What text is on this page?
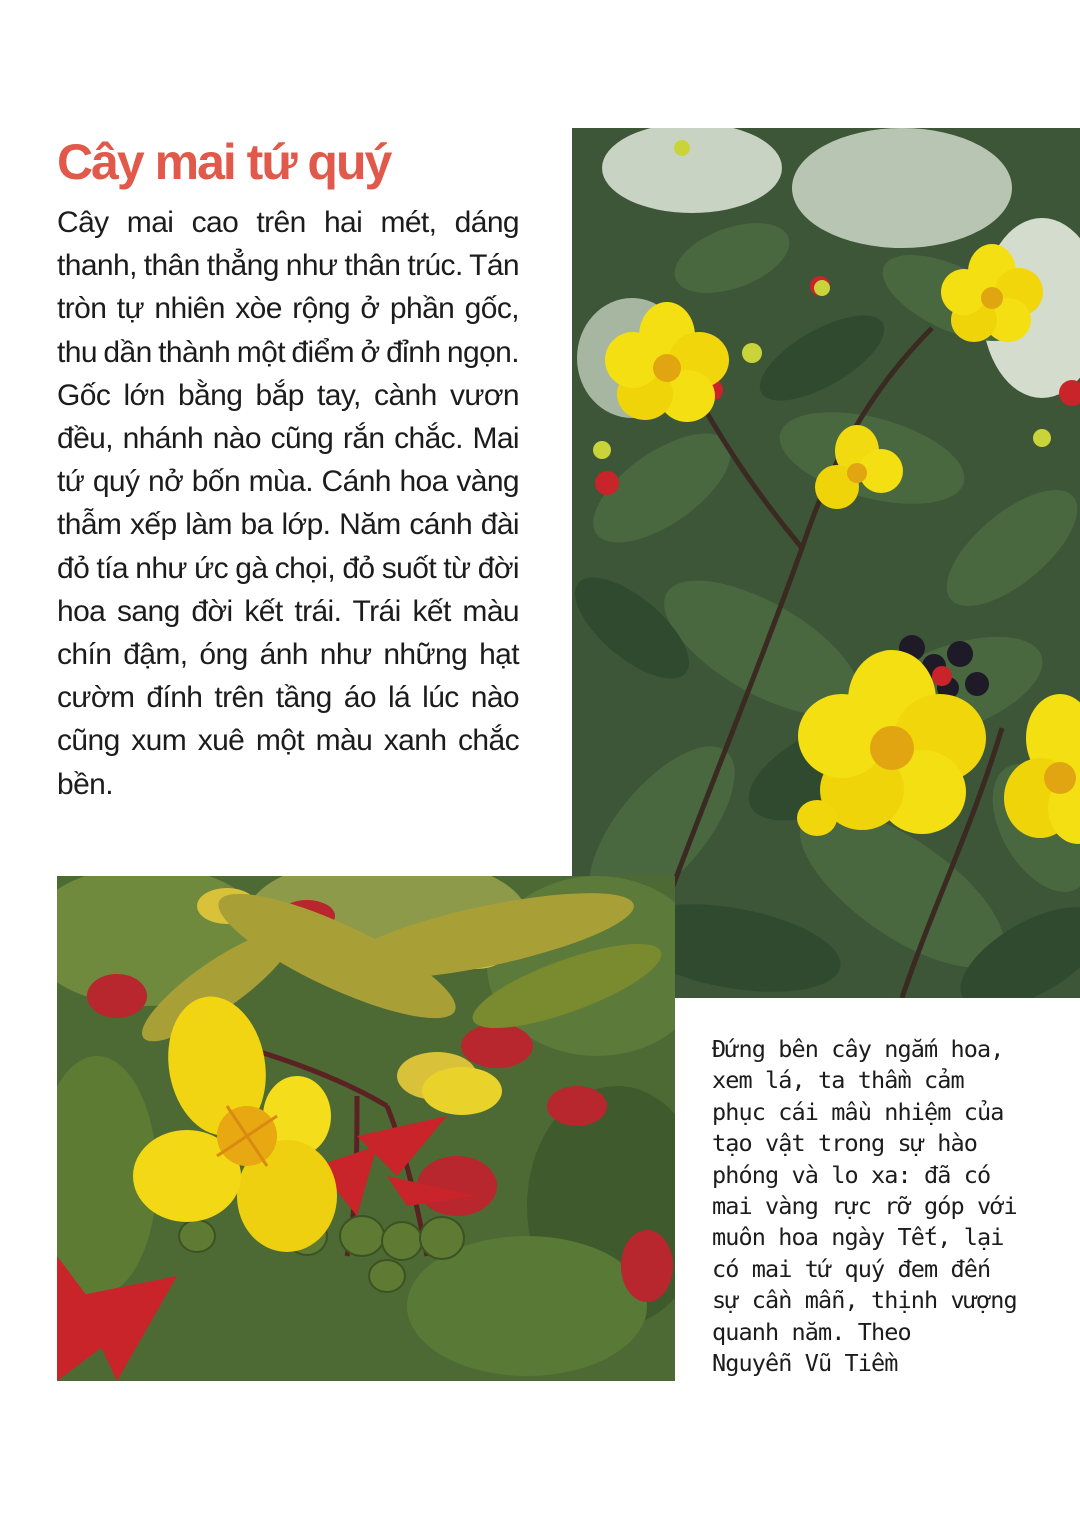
Cây mai tứ quý

Cây mai cao trên hai mét, dáng thanh, thân thẳng như thân trúc. Tán tròn tự nhiên xòe rộng ở phần gốc, thu dần thành một điểm ở đỉnh ngọn. Gốc lớn bằng bắp tay, cành vươn đều, nhánh nào cũng rắn chắc. Mai tứ quý nở bốn mùa. Cánh hoa vàng thẫm xếp làm ba lớp. Năm cánh đài đỏ tía như ức gà chọi, đỏ suốt từ đời hoa sang đời kết trái. Trái kết màu chín đậm, óng ánh như những hạt cườm đính trên tầng áo lá lúc nào cũng xum xuê một màu xanh chắc bền.

Đứng bên cây ngắm hoa,
xem lá, ta thầm cảm
phục cái mầu nhiệm của
tạo vật trong sự hào
phóng và lo xa: đã có
mai vàng rực rỡ góp với
muôn hoa ngày Tết, lại
có mai tứ quý đem đến
sự cần mẫn, thịnh vượng
quanh năm. Theo
Nguyễn Vũ Tiềm
